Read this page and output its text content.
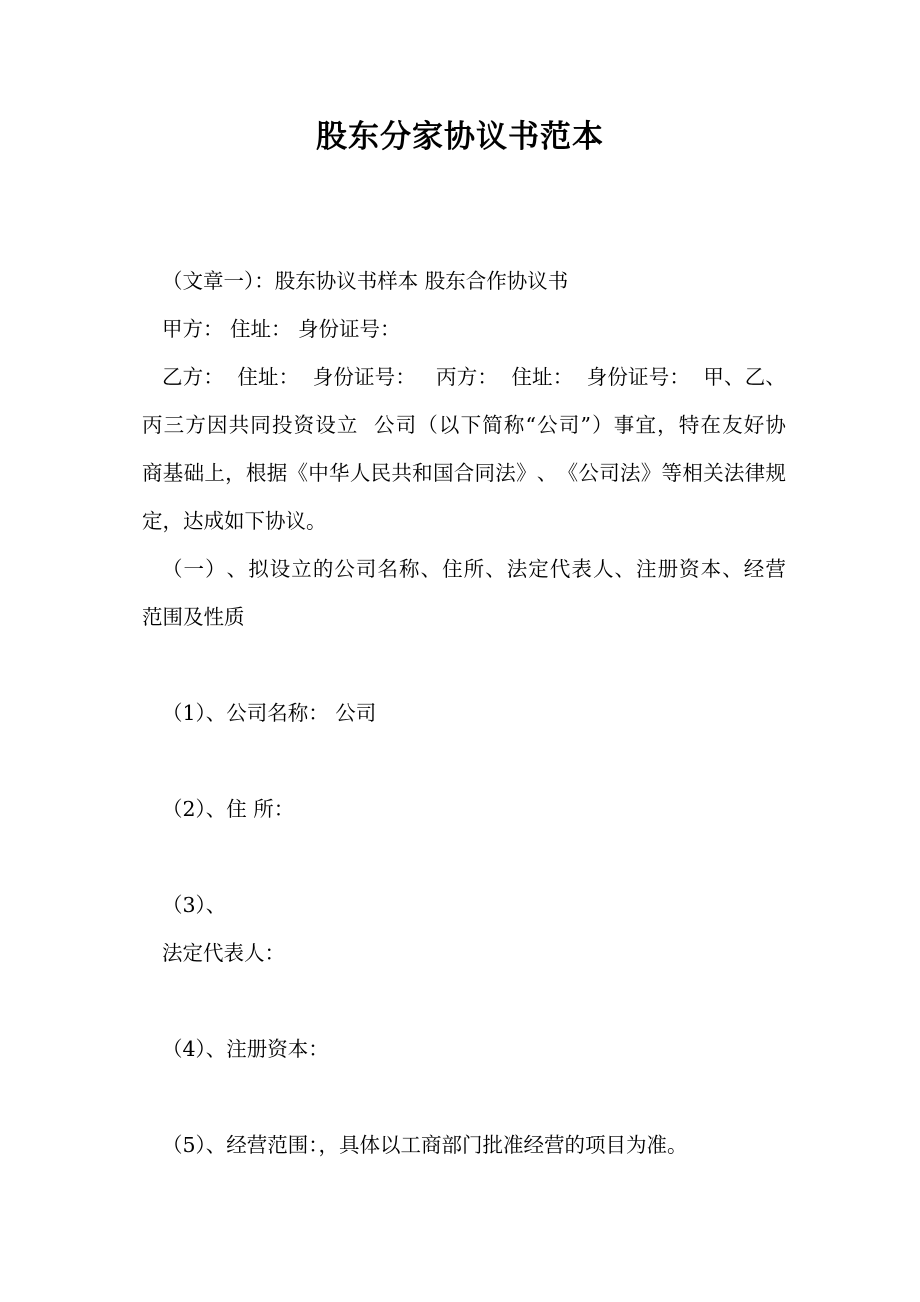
股东分家协议书范本
（文章一）：股东协议书样本 股东合作协议书
甲方： 住址： 身份证号：
乙 方 ：

住 址 ：

身 份 证 号 ：

丙 方 ：

住 址 ：

身 份 证 号 ：

甲 、 乙 、
丙 三 方 因 共 同 投 资 设 立

公 司 （ 以 下 简 称 “ 公 司 ” ） 事 宜 ， 特 在 友 好 协
商 基 础 上 ， 根 据 《 中 华 人 民 共 和 国 合 同 法 》 、 《 公 司 法 》 等 相 关 法 律 规
定，达成如下协议。
（ 一 ） 、 拟 设 立 的 公 司 名 称 、 住 所 、 法 定 代 表 人 、 注 册 资 本 、 经 营
范围及性质
（1）、公司名称： 公司
（2）、住 所：
（3）、
法定代表人：
（4）、注册资本：
（5）、经营范围：，具体以工商部门批准经营的项目为准。
